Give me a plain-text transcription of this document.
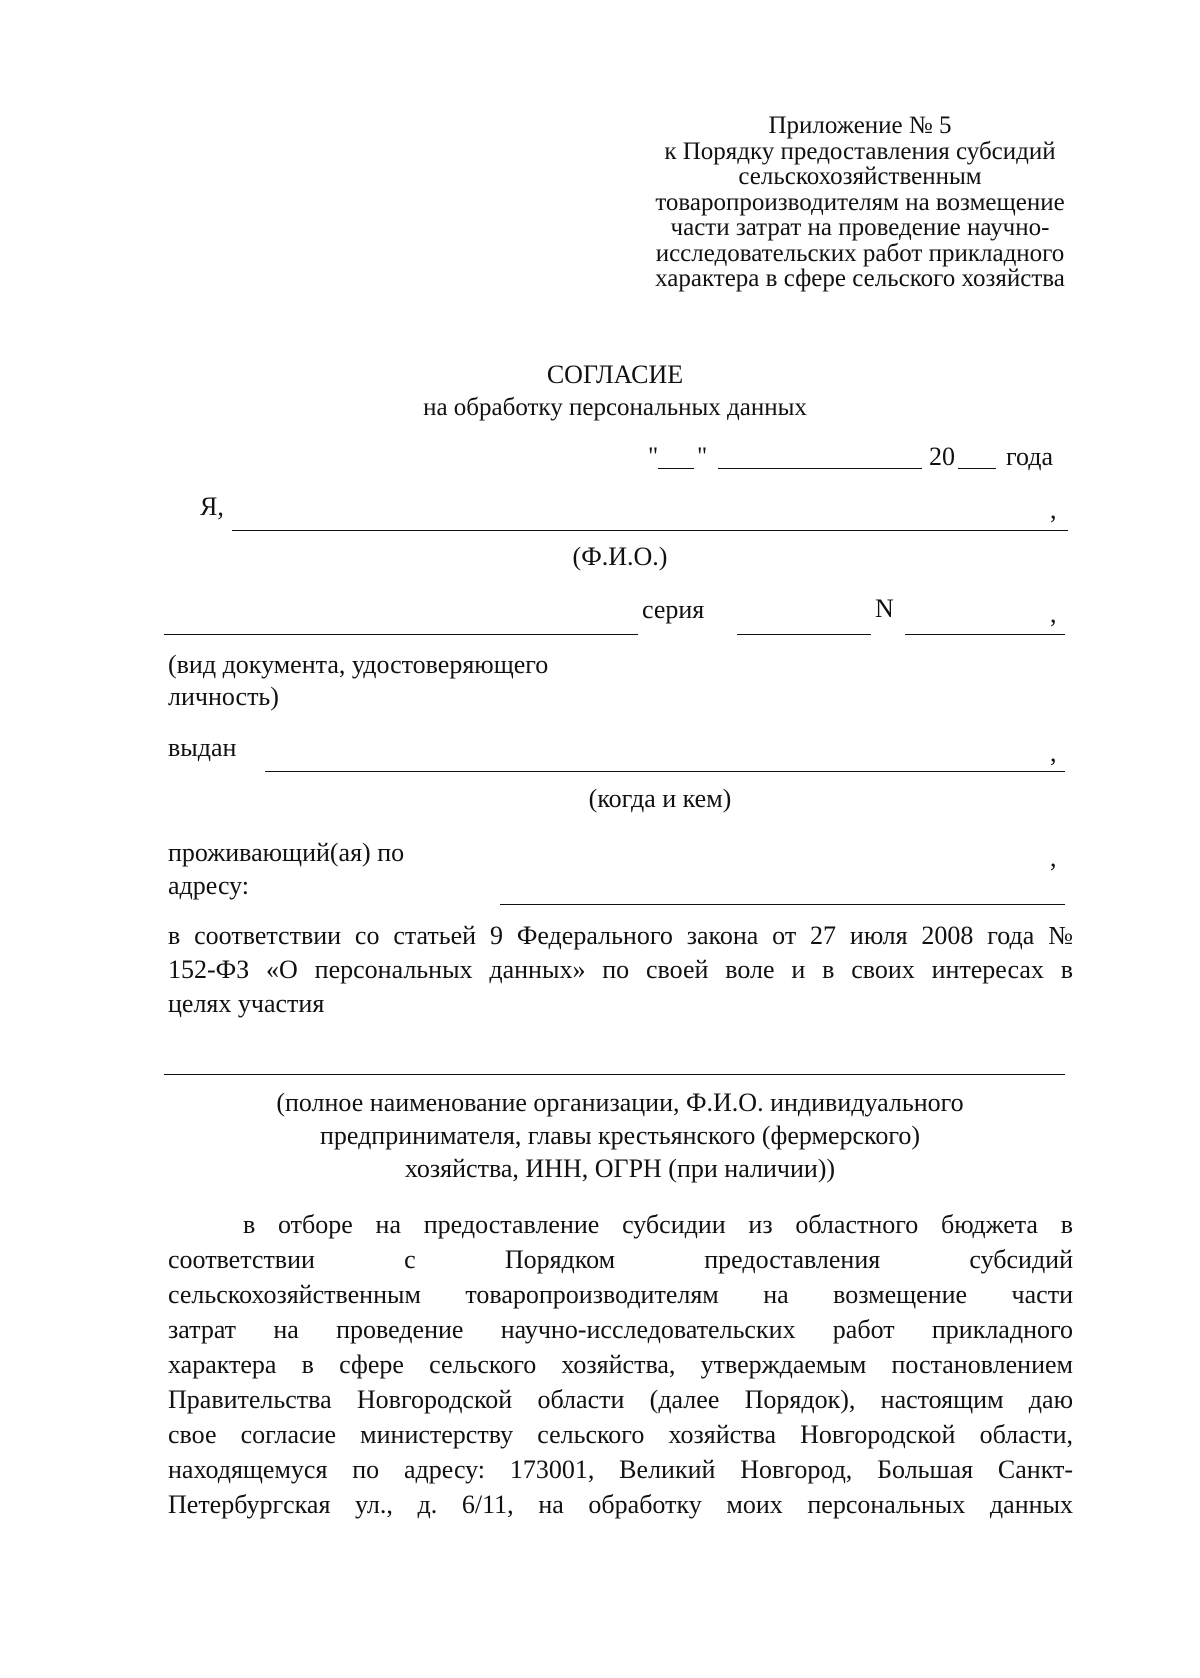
Приложение № 5
к Порядку предоставления субсидий
сельскохозяйственным
товаропроизводителям на возмещение
части затрат на проведение научно-
исследовательских работ прикладного
характера в сфере сельского хозяйства
СОГЛАСИЕ
на обработку персональных данных
" "	20 года
Я,	,
(Ф.И.О.)
серия	N	,
(вид документа, удостоверяющего
личность)
выдан	,
(когда и кем)
проживающий(ая) по	,
адресу:
в соответствии со статьей 9 Федерального закона от 27 июля 2008 года №
152-ФЗ «О персональных данных» по своей воле и в своих интересах в
целях участия
(полное наименование организации, Ф.И.О. индивидуального
предпринимателя, главы крестьянского (фермерского)
хозяйства, ИНН, ОГРН (при наличии))
в отборе на предоставление субсидии из областного бюджета в
соответствии с Порядком предоставления субсидий
сельскохозяйственным товаропроизводителям на возмещение части
затрат на проведение научно-исследовательских работ прикладного
характера в сфере сельского хозяйства, утверждаемым постановлением
Правительства Новгородской области (далее Порядок), настоящим даю
свое согласие министерству сельского хозяйства Новгородской области,
находящемуся по адресу: 173001, Великий Новгород, Большая Санкт-
Петербургская ул., д. 6/11, на обработку моих персональных данных
